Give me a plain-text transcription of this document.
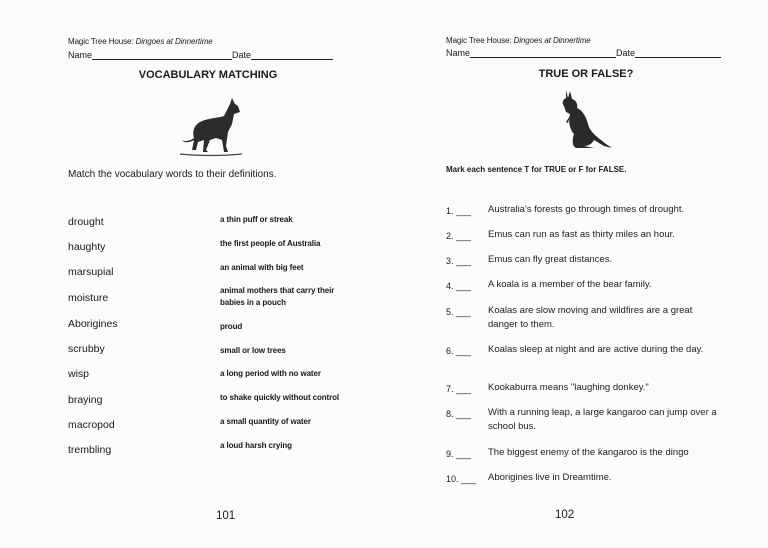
Magic Tree House: Dingoes at Dinnertime
Name	Date
VOCABULARY MATCHING
Match the vocabulary words to their definitions.
drought
haughty
marsupial
moisture
Aborigines
scrubby
wisp
braying
macropod
trembling
a thin puff or streak
the first people of Australia
an animal with big feet
animal mothers that carry their babies in a pouch
proud
small or low trees
a long period with no water
to shake quickly without control
a small quantity of water
a loud harsh crying
101
Magic Tree House: Dingoes at Dinnertime
Name	Date
TRUE OR FALSE?
Mark each sentence T for TRUE or F for FALSE.
1. ___ Australia's forests go through times of drought.
2. ___ Emus can run as fast as thirty miles an hour.
3. ___ Emus can fly great distances.
4. ___ A koala is a member of the bear family.
5. ___ Koalas are slow moving and wildfires are a great danger to them.
6. ___ Koalas sleep at night and are active during the day.
7. ___ Kookaburra means "laughing donkey."
8. ___ With a running leap, a large kangaroo can jump over a school bus.
9. ___ The biggest enemy of the kangaroo is the dingo
10. ___ Aborigines live in Dreamtime.
102
